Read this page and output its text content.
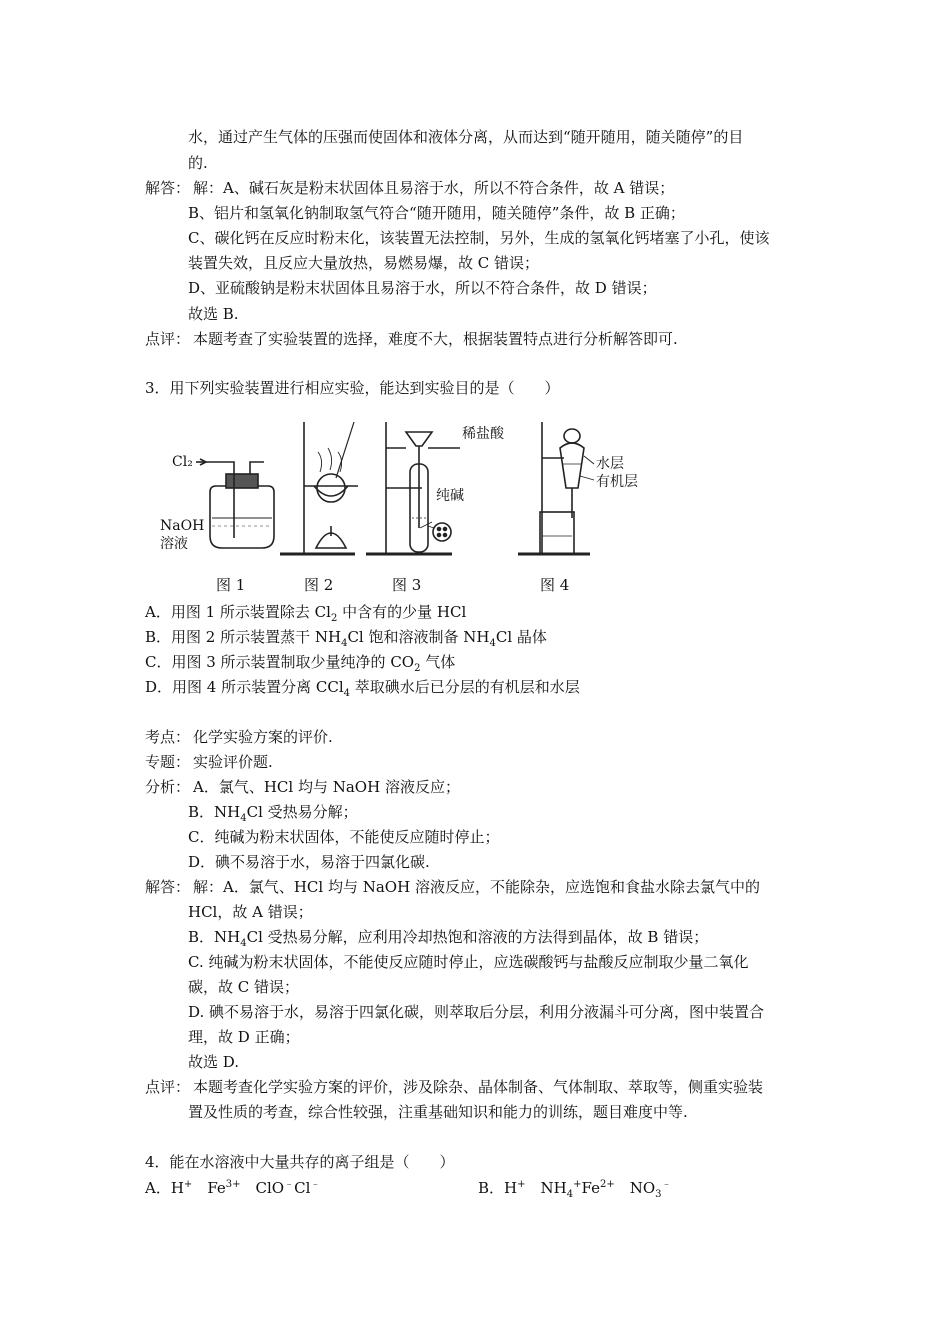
水，通过产生气体的压强而使固体和液体分离，从而达到“随开随用，随关随停”的目
的.
解答： 解：A、碱石灰是粉末状固体且易溶于水，所以不符合条件，故 A 错误；
B、铝片和氢氧化钠制取氢气符合“随开随用，随关随停”条件，故 B 正确；
C、碳化钙在反应时粉末化，该装置无法控制，另外，生成的氢氧化钙堵塞了小孔，使该
装置失效，且反应大量放热，易燃易爆，故 C 错误；
D、亚硫酸钠是粉末状固体且易溶于水，所以不符合条件，故 D 错误；
故选 B.
点评： 本题考查了实验装置的选择，难度不大，根据装置特点进行分析解答即可.
3．用下列实验装置进行相应实验，能达到实验目的是（　　）
Cl₂
NaOH
溶液
稀盐酸
纯碱
水层
有机层
图 1	图 2	图 3	图 4
A．用图 1 所示装置除去 $Cl_2$ 中含有的少量 HCl
B．用图 2 所示装置蒸干 $NH_4Cl$ 饱和溶液制备 $NH_4Cl$ 晶体
C．用图 3 所示装置制取少量纯净的 $CO_2$ 气体
D．用图 4 所示装置分离 CCl$_4$ 萃取碘水后已分层的有机层和水层
考点： 化学实验方案的评价.
专题： 实验评价题.
分析： A．氯气、HCl 均与 NaOH 溶液反应；
B．$NH_4Cl$ 受热易分解；
C．纯碱为粉末状固体，不能使反应随时停止；
D．碘不易溶于水，易溶于四氯化碳.
解答： 解：A．氯气、HCl 均与 NaOH 溶液反应，不能除杂，应选饱和食盐水除去氯气中的
HCl，故 A 错误；
B．$NH_4Cl$ 受热易分解，应利用冷却热饱和溶液的方法得到晶体，故 B 错误；
C. 纯碱为粉末状固体，不能使反应随时停止，应选碳酸钙与盐酸反应制取少量二氧化
碳，故 C 错误；
D. 碘不易溶于水，易溶于四氯化碳，则萃取后分层，利用分液漏斗可分离，图中装置合
理，故 D 正确；
故选 D.
点评： 本题考查化学实验方案的评价，涉及除杂、晶体制备、气体制取、萃取等，侧重实验装
置及性质的考查，综合性较强，注重基础知识和能力的训练，题目难度中等.
4．能在水溶液中大量共存的离子组是（　　）
A．H+　$Fe^{3+}$　ClO﹣Cl﹣	B．H+　$NH_4^+Fe^{2+}$　$NO_3^﹣$
